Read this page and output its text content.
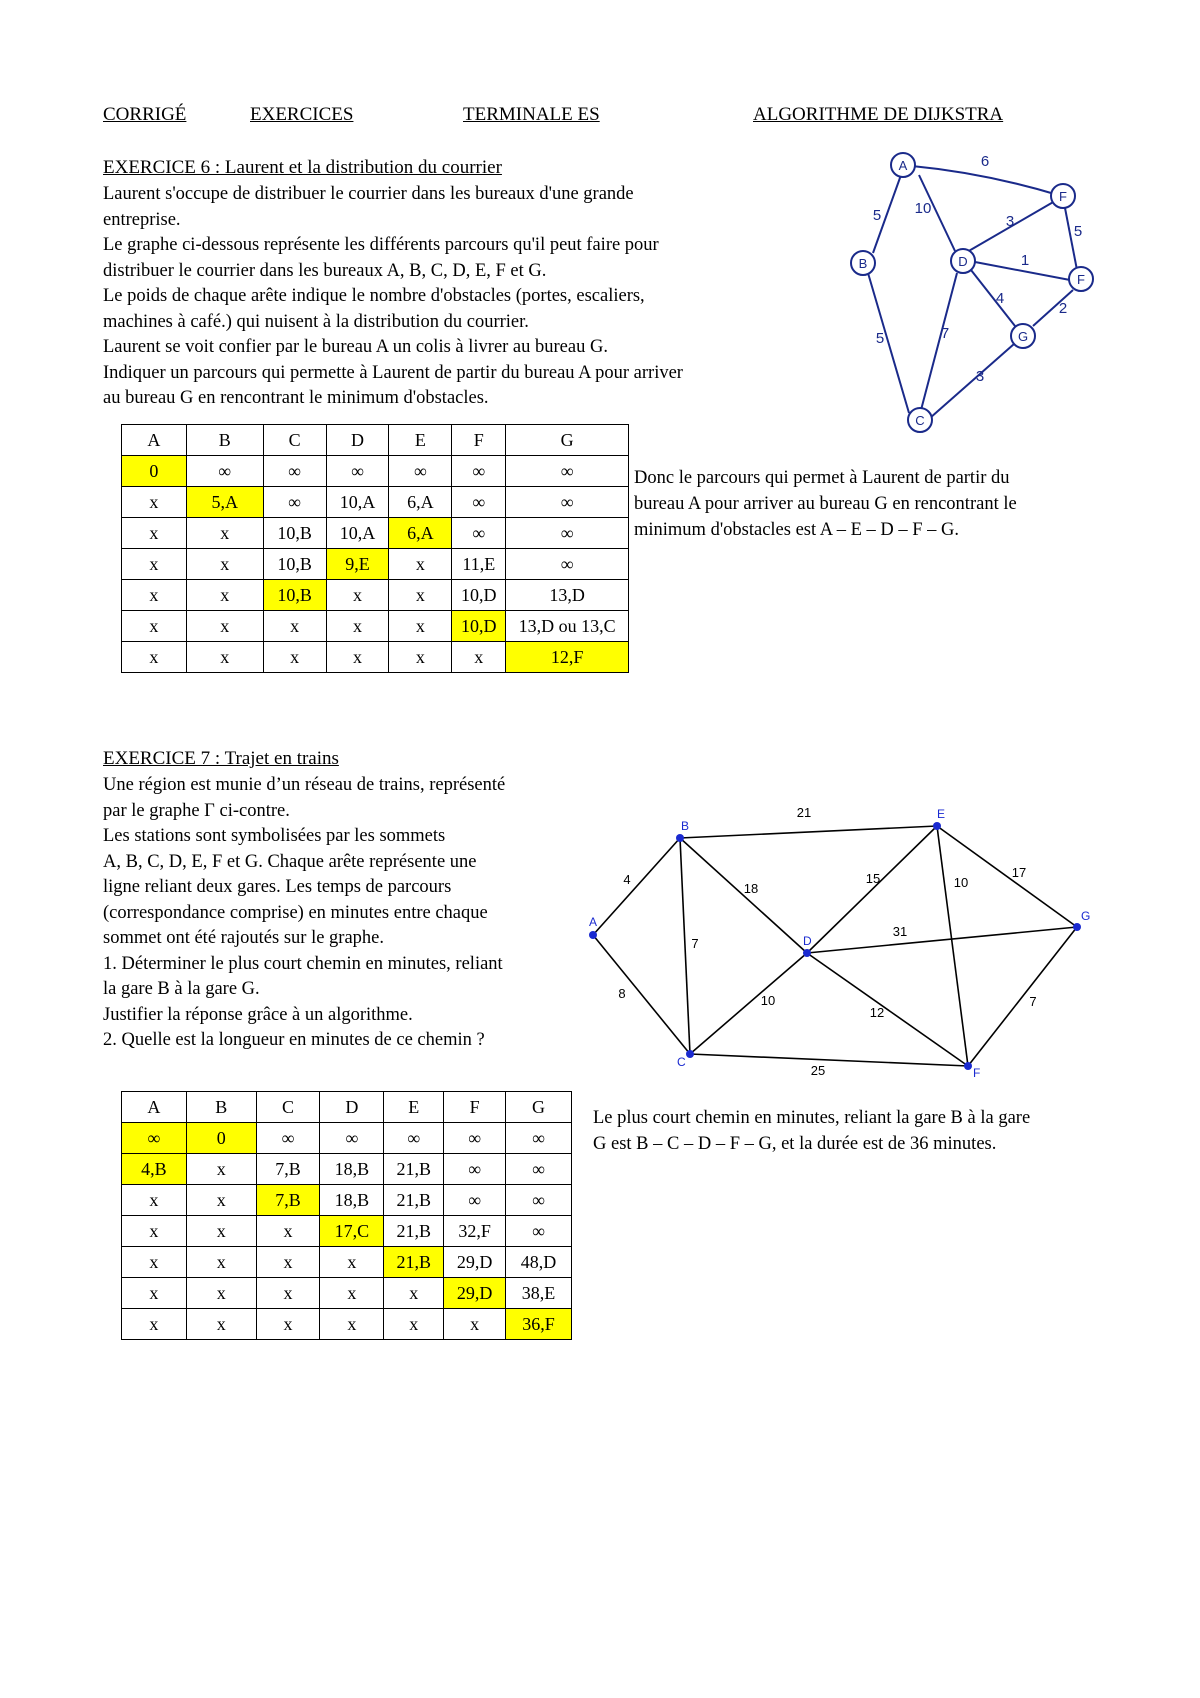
CORRIGÉ	EXERCICES	TERMINALE ES	ALGORITHME DE DIJKSTRA
EXERCICE 6 : Laurent et la distribution du courrier
Laurent s'occupe de distribuer le courrier dans les bureaux d'une grande
entreprise.
Le graphe ci-dessous représente les différents parcours qu'il peut faire pour
distribuer le courrier dans les bureaux A, B, C, D, E, F et G.
Le poids de chaque arête indique le nombre d'obstacles (portes, escaliers,
machines à café.) qui nuisent à la distribution du courrier.
Laurent se voit confier par le bureau A un colis à livrer au bureau G.
Indiquer un parcours qui permette à Laurent de partir du bureau A pour arriver
au bureau G en rencontrant le minimum d'obstacles.
A
F
B	D
F
G
C
6
5 10
3
5
1
4
2
5	7
3
A	B	C	D	E	F	G
0	∞	∞	∞	∞	∞	∞
x	5,A	∞	10,A	6,A	∞	∞
x	x	10,B	10,A	6,A	∞	∞
x	x	10,B	9,E	x	11,E	∞
x	x	10,B	x	x	10,D	13,D
x	x	x	x	x	10,D	13,D ou 13,C
x	x	x	x	x	x	12,F
Donc le parcours qui permet à Laurent de partir du
bureau A pour arriver au bureau G en rencontrant le
minimum d'obstacles est A – E – D – F – G.
EXERCICE 7 : Trajet en trains
Une région est munie d’un réseau de trains, représenté
par le graphe Γ ci-contre.
Les stations sont symbolisées par les sommets
A, B, C, D, E, F et G. Chaque arête représente une
ligne reliant deux gares. Les temps de parcours
(correspondance comprise) en minutes entre chaque
sommet ont été rajoutés sur le graphe.
1. Déterminer le plus court chemin en minutes, reliant
la gare B à la gare G.
Justifier la réponse grâce à un algorithme.
2. Quelle est la longueur en minutes de ce chemin ?
A
B
C
D
E
F
G
21
4
18
7
8
15	10
17
31
10
12
7
25
A	B	C	D	E	F	G
∞	0	∞	∞	∞	∞	∞
4,B	x	7,B	18,B	21,B	∞	∞
x	x	7,B	18,B	21,B	∞	∞
x	x	x	17,C	21,B	32,F	∞
x	x	x	x	21,B	29,D	48,D
x	x	x	x	x	29,D	38,E
x	x	x	x	x	x	36,F
Le plus court chemin en minutes, reliant la gare B à la gare
G est B – C – D – F – G, et la durée est de 36 minutes.
